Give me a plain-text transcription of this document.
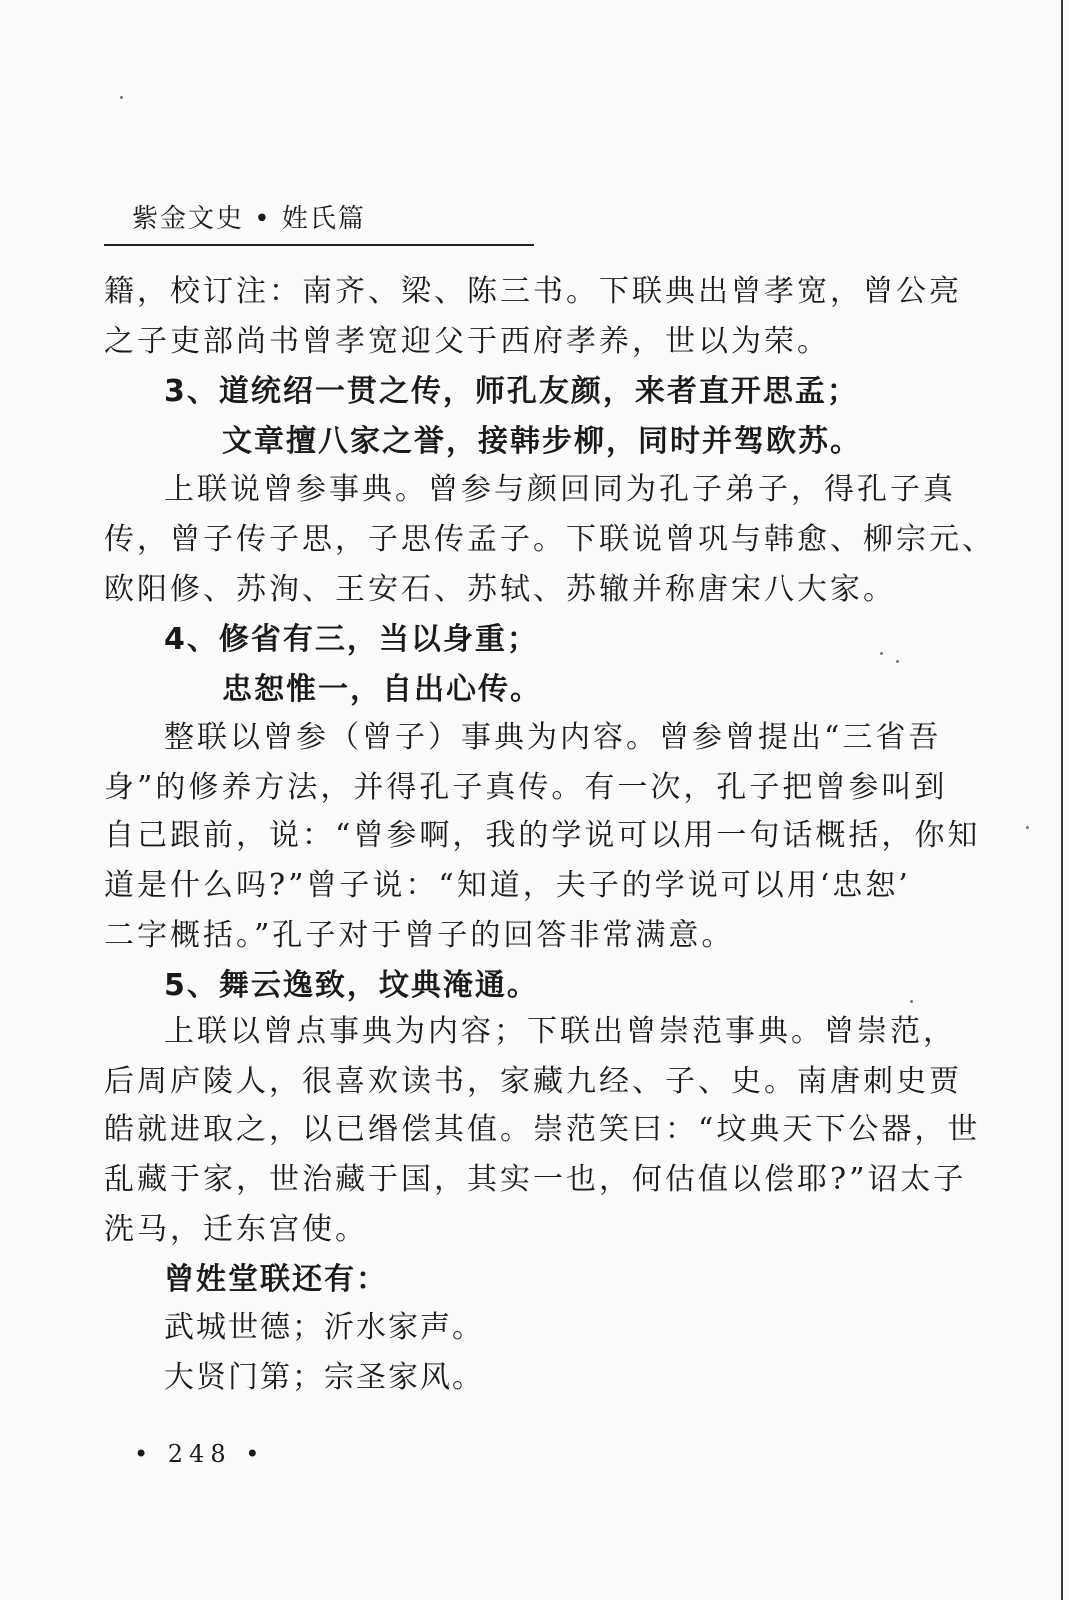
紫金文史 • 姓氏篇
籍，校订注：南齐、梁、陈三书。下联典出曾孝宽，曾公亮
之子吏部尚书曾孝宽迎父于西府孝养，世以为荣。
3、道统绍一贯之传，师孔友颜，来者直开思孟；
文章擅八家之誉，接韩步柳，同时并驾欧苏。
上联说曾参事典。曾参与颜回同为孔子弟子，得孔子真
传，曾子传子思，子思传孟子。下联说曾巩与韩愈、柳宗元、
欧阳修、苏洵、王安石、苏轼、苏辙并称唐宋八大家。
4、修省有三，当以身重；
忠恕惟一，自出心传。
整联以曾参（曾子）事典为内容。曾参曾提出“三省吾
身”的修养方法，并得孔子真传。有一次，孔子把曾参叫到
自己跟前，说：“曾参啊，我的学说可以用一句话概括，你知
道是什么吗?”曾子说：“知道，夫子的学说可以用‘忠恕’
二字概括。”孔子对于曾子的回答非常满意。
5、舞云逸致，坟典淹通。
上联以曾点事典为内容；下联出曾崇范事典。曾崇范，
后周庐陵人，很喜欢读书，家藏九经、子、史。南唐刺史贾
皓就进取之，以已缗偿其值。崇范笑曰：“坟典天下公器，世
乱藏于家，世治藏于国，其实一也，何估值以偿耶?”诏太子
洗马，迁东宫使。
曾姓堂联还有：
武城世德；沂水家声。
大贤门第；宗圣家风。
• 248 •
